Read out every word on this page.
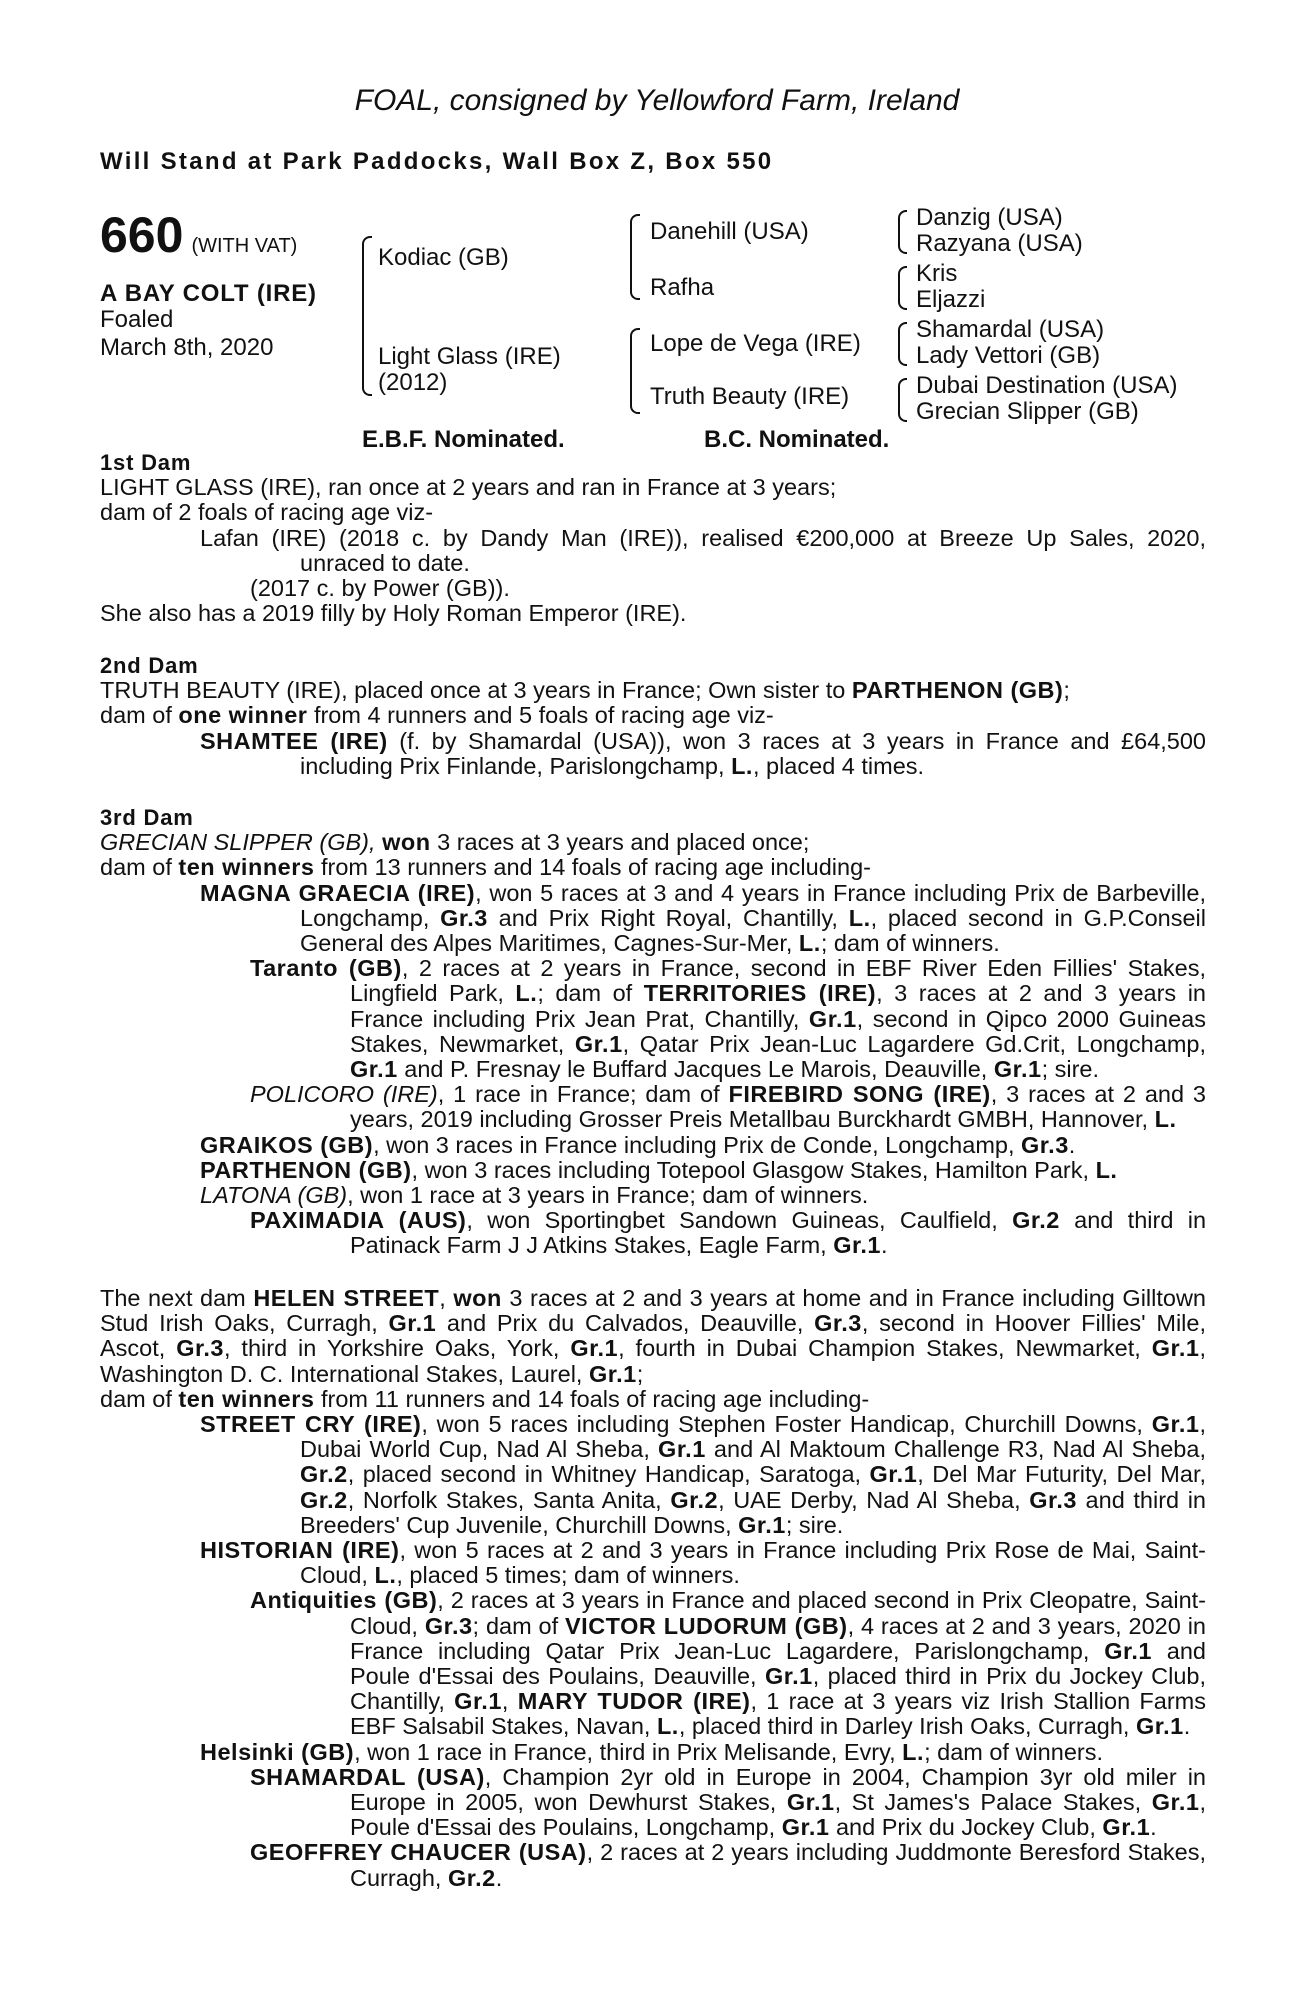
FOAL, consigned by Yellowford Farm, Ireland
Will Stand at Park Paddocks, Wall Box Z, Box 550
660 (WITH VAT)
A BAY COLT (IRE)
Foaled
March 8th, 2020
Kodiac (GB)
Light Glass (IRE)
(2012)
Danehill (USA)
Rafha
Lope de Vega (IRE)
Truth Beauty (IRE)
Danzig (USA)
Razyana (USA)
Kris
Eljazzi
Shamardal (USA)
Lady Vettori (GB)
Dubai Destination (USA)
Grecian Slipper (GB)
E.B.F. Nominated.	B.C. Nominated.

1st Dam

LIGHT GLASS (IRE), ran once at 2 years and ran in France at 3 years;

dam of 2 foals of racing age viz-

Lafan (IRE) (2018 c. by Dandy Man (IRE)), realised €200,000 at Breeze Up Sales, 2020, unraced to date.

(2017 c. by Power (GB)).

She also has a 2019 filly by Holy Roman Emperor (IRE).

2nd Dam

TRUTH BEAUTY (IRE), placed once at 3 years in France; Own sister to PARTHENON (GB);

dam of one winner from 4 runners and 5 foals of racing age viz-

SHAMTEE (IRE) (f. by Shamardal (USA)), won 3 races at 3 years in France and £64,500 including Prix Finlande, Parislongchamp, L., placed 4 times.

3rd Dam

GRECIAN SLIPPER (GB), won 3 races at 3 years and placed once;

dam of ten winners from 13 runners and 14 foals of racing age including-

MAGNA GRAECIA (IRE), won 5 races at 3 and 4 years in France including Prix de Barbeville, Longchamp, Gr.3 and Prix Right Royal, Chantilly, L., placed second in G.P.Conseil General des Alpes Maritimes, Cagnes-Sur-Mer, L.; dam of winners.

Taranto (GB), 2 races at 2 years in France, second in EBF River Eden Fillies' Stakes, Lingfield Park, L.; dam of TERRITORIES (IRE), 3 races at 2 and 3 years in France including Prix Jean Prat, Chantilly, Gr.1, second in Qipco 2000 Guineas Stakes, Newmarket, Gr.1, Qatar Prix Jean-Luc Lagardere Gd.Crit, Longchamp, Gr.1 and P. Fresnay le Buffard Jacques Le Marois, Deauville, Gr.1; sire.

POLICORO (IRE), 1 race in France; dam of FIREBIRD SONG (IRE), 3 races at 2 and 3 years, 2019 including Grosser Preis Metallbau Burckhardt GMBH, Hannover, L.

GRAIKOS (GB), won 3 races in France including Prix de Conde, Longchamp, Gr.3.

PARTHENON (GB), won 3 races including Totepool Glasgow Stakes, Hamilton Park, L.

LATONA (GB), won 1 race at 3 years in France; dam of winners.

PAXIMADIA (AUS), won Sportingbet Sandown Guineas, Caulfield, Gr.2 and third in Patinack Farm J J Atkins Stakes, Eagle Farm, Gr.1.

The next dam HELEN STREET, won 3 races at 2 and 3 years at home and in France including Gilltown Stud Irish Oaks, Curragh, Gr.1 and Prix du Calvados, Deauville, Gr.3, second in Hoover Fillies' Mile, Ascot, Gr.3, third in Yorkshire Oaks, York, Gr.1, fourth in Dubai Champion Stakes, Newmarket, Gr.1, Washington D. C. International Stakes, Laurel, Gr.1;

dam of ten winners from 11 runners and 14 foals of racing age including-

STREET CRY (IRE), won 5 races including Stephen Foster Handicap, Churchill Downs, Gr.1, Dubai World Cup, Nad Al Sheba, Gr.1 and Al Maktoum Challenge R3, Nad Al Sheba, Gr.2, placed second in Whitney Handicap, Saratoga, Gr.1, Del Mar Futurity, Del Mar, Gr.2, Norfolk Stakes, Santa Anita, Gr.2, UAE Derby, Nad Al Sheba, Gr.3 and third in Breeders' Cup Juvenile, Churchill Downs, Gr.1; sire.

HISTORIAN (IRE), won 5 races at 2 and 3 years in France including Prix Rose de Mai, Saint-Cloud, L., placed 5 times; dam of winners.

Antiquities (GB), 2 races at 3 years in France and placed second in Prix Cleopatre, Saint-Cloud, Gr.3; dam of VICTOR LUDORUM (GB), 4 races at 2 and 3 years, 2020 in France including Qatar Prix Jean-Luc Lagardere, Parislongchamp, Gr.1 and Poule d'Essai des Poulains, Deauville, Gr.1, placed third in Prix du Jockey Club, Chantilly, Gr.1, MARY TUDOR (IRE), 1 race at 3 years viz Irish Stallion Farms EBF Salsabil Stakes, Navan, L., placed third in Darley Irish Oaks, Curragh, Gr.1.

Helsinki (GB), won 1 race in France, third in Prix Melisande, Evry, L.; dam of winners.

SHAMARDAL (USA), Champion 2yr old in Europe in 2004, Champion 3yr old miler in Europe in 2005, won Dewhurst Stakes, Gr.1, St James's Palace Stakes, Gr.1, Poule d'Essai des Poulains, Longchamp, Gr.1 and Prix du Jockey Club, Gr.1.

GEOFFREY CHAUCER (USA), 2 races at 2 years including Juddmonte Beresford Stakes, Curragh, Gr.2.
